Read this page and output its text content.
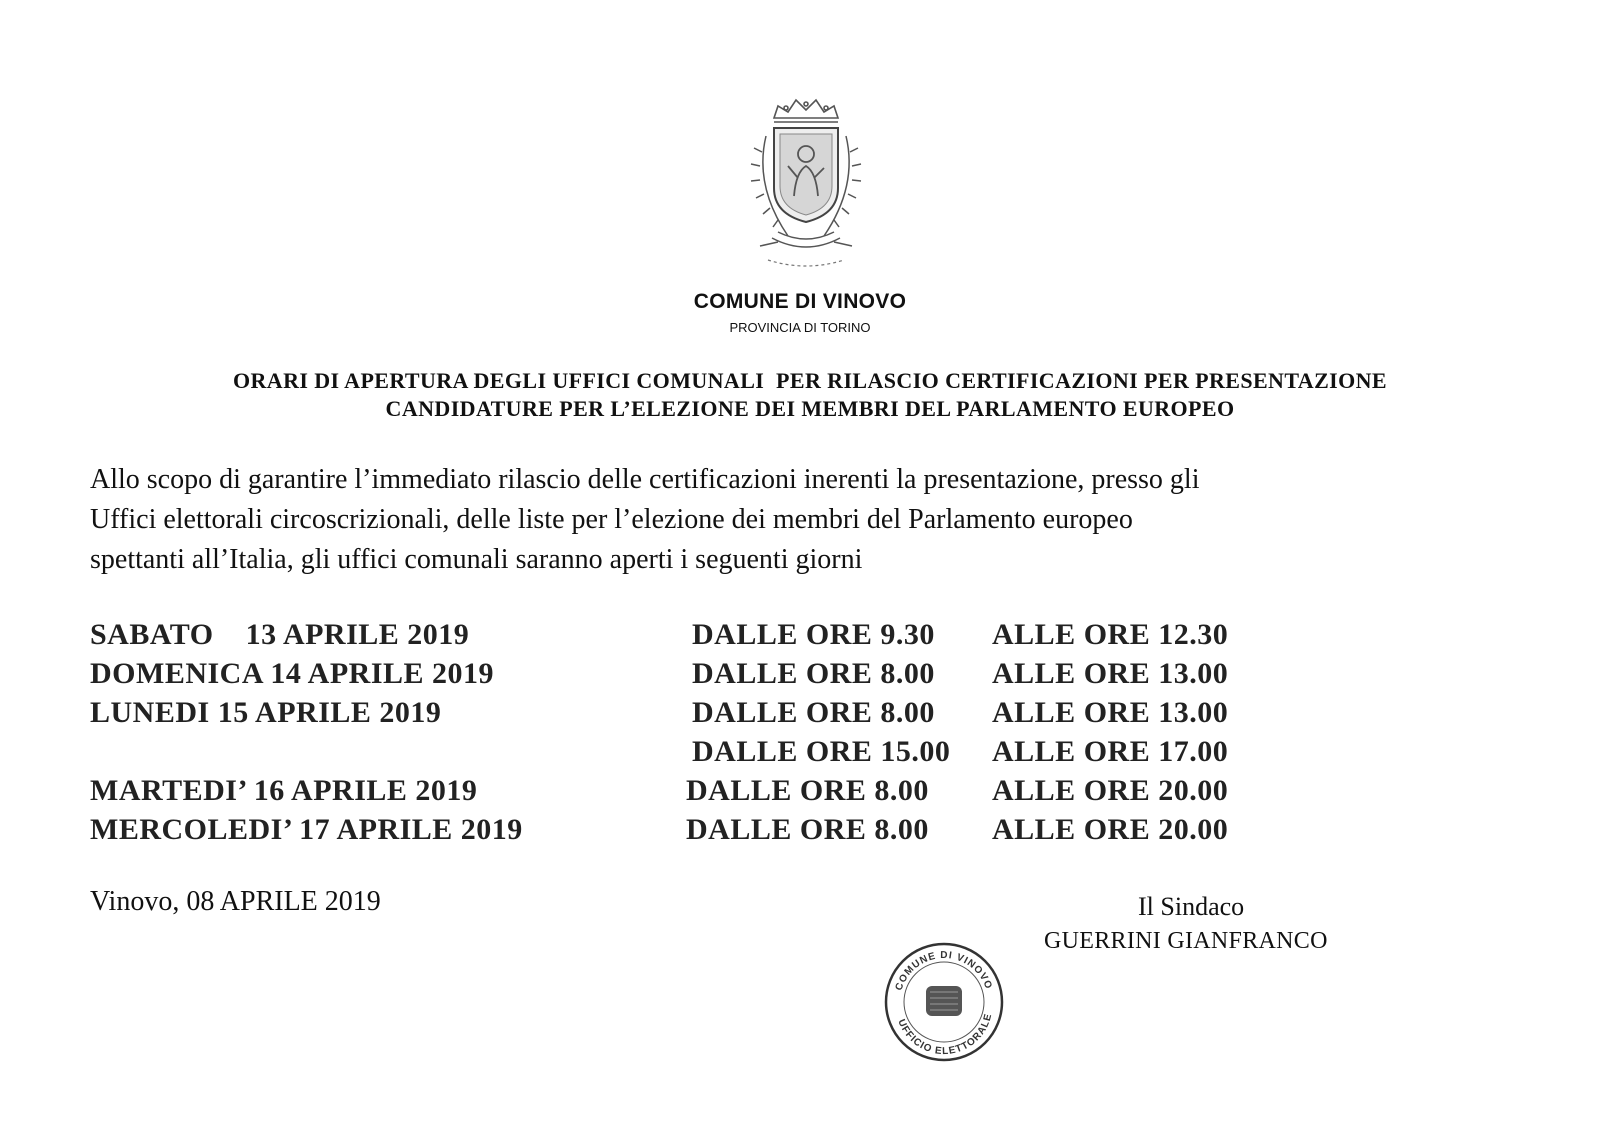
COMUNE DI VINOVO
PROVINCIA DI TORINO
ORARI DI APERTURA DEGLI UFFICI COMUNALI  PER RILASCIO CERTIFICAZIONI PER PRESENTAZIONE
CANDIDATURE PER L’ELEZIONE DEI MEMBRI DEL PARLAMENTO EUROPEO
Allo scopo di garantire l’immediato rilascio delle certificazioni inerenti la presentazione, presso gli
Uffici elettorali circoscrizionali, delle liste per l’elezione dei membri del Parlamento europeo
spettanti all’Italia, gli uffici comunali saranno aperti i seguenti giorni
SABATO    13 APRILE 2019	DALLE ORE 9.30 ALLE ORE 12.30
DOMENICA 14 APRILE 2019	DALLE ORE 8.00 ALLE ORE 13.00
LUNEDI 15 APRILE 2019	DALLE ORE 8.00 ALLE ORE 13.00
DALLE ORE 15.00 ALLE ORE 17.00
MARTEDI’ 16 APRILE 2019	DALLE ORE 8.00 ALLE ORE 20.00
MERCOLEDI’ 17 APRILE 2019	DALLE ORE 8.00 ALLE ORE 20.00
Vinovo, 08 APRILE 2019	Il Sindaco
GUERRINI GIANFRANCO
COMUNE DI VINOVO
UFFICIO ELETTORALE
